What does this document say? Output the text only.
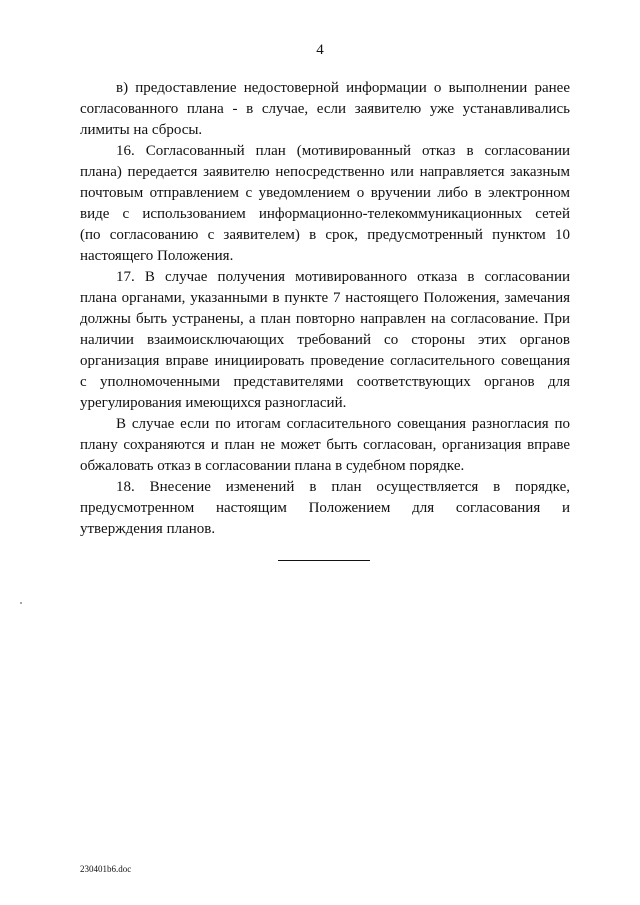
4
в) предоставление недостоверной информации о выполнении ранее
согласованного плана - в случае, если заявителю уже устанавливались
лимиты на сбросы.
16. Согласованный план (мотивированный отказ в согласовании
плана) передается заявителю непосредственно или направляется заказным
почтовым отправлением с уведомлением о вручении либо в электронном
виде с использованием информационно-телекоммуникационных сетей
(по согласованию с заявителем) в срок, предусмотренный пунктом 10
настоящего Положения.
17. В случае получения мотивированного отказа в согласовании
плана органами, указанными в пункте 7 настоящего Положения, замечания
должны быть устранены, а план повторно направлен на согласование. При
наличии взаимоисключающих требований со стороны этих органов
организация вправе инициировать проведение согласительного совещания
с уполномоченными представителями соответствующих органов для
урегулирования имеющихся разногласий.
В случае если по итогам согласительного совещания разногласия по
плану сохраняются и план не может быть согласован, организация вправе
обжаловать отказ в согласовании плана в судебном порядке.
18. Внесение изменений в план осуществляется в порядке,
предусмотренном настоящим Положением для согласования и
утверждения планов.
230401b6.doc
